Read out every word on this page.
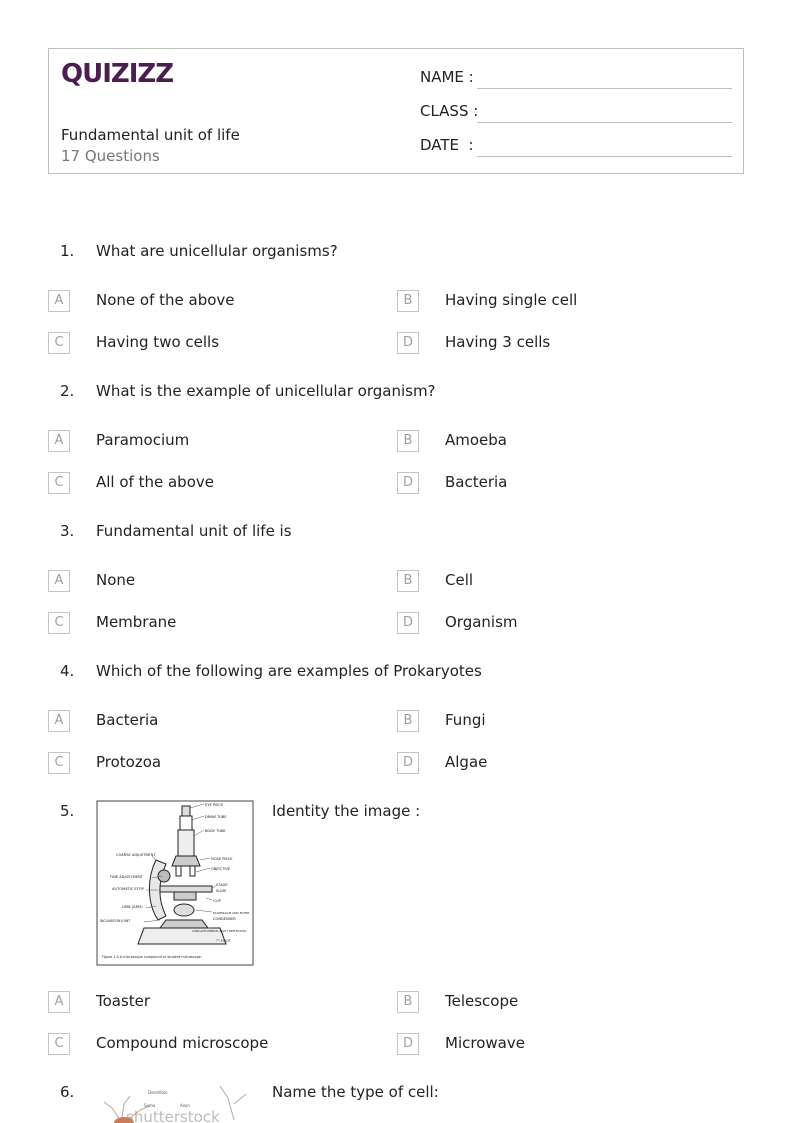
QUIZIZZ
Fundamental unit of life
17 Questions
NAME :
CLASS :
DATE  :
1. What are unicellular organisms?
A	None of the above	B	Having single cell
C	Having two cells	D	Having 3 cells
2. What is the example of unicellular organism?
A	Paramocium	B	Amoeba
C	All of the above	D	Bacteria
3. Fundamental unit of life is
A	None	B	Cell
C	Membrane	D	Organism
4. Which of the following are examples of Prokaryotes
A	Bacteria	B	Fungi
C	Protozoa	D	Algae
5.	EYE PIECE
DRAW TUBE
BODY TUBE
COARSE ADJUSTMENT
NOSE PIECE
OBJECTIVE
FINE ADJUSTMENT
AUTOMATIC STOP
STAGE
SLIDE
CLIP
LIMB (ARM)
DIAPHRAGM AND FILTER
CONDENSER
INCLINATION JOINT
CONCAVE MIRROR (LIGHT REFLECTOR)
FOOT
Figure 1.4 A microscope compound or student microscope.
Identity the image :
A	Toaster	B	Telescope
C	Compound microscope	D	Microwave
6.	Dendrites
Soma	Axon
shutterstock
Name the type of cell:
